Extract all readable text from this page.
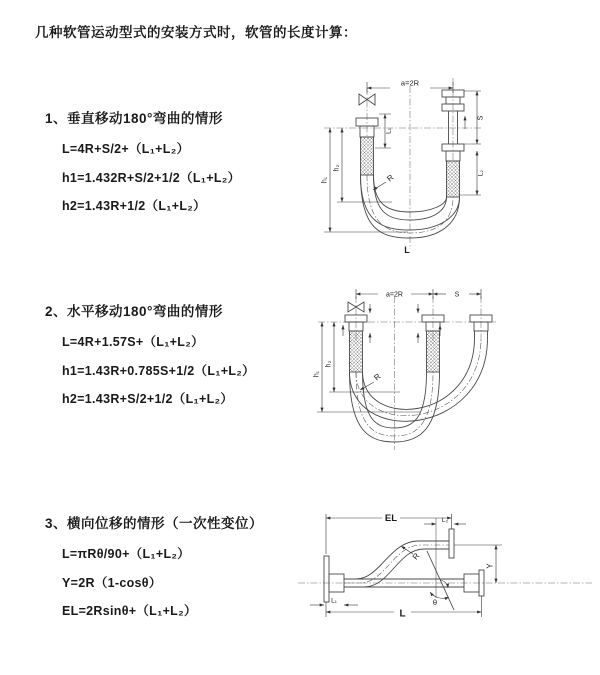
几种软管运动型式的安装方式时，软管的长度计算：
1、垂直移动180°弯曲的情形
L=4R+S/2+（L₁+L₂）
h1=1.432R+S/2+1/2（L₁+L₂）
h2=1.43R+1/2（L₁+L₂）
2、水平移动180°弯曲的情形
L=4R+1.57S+（L₁+L₂）
h1=1.43R+0.785S+1/2（L₁+L₂）
h2=1.43R+S/2+1/2（L₁+L₂）
3、横向位移的情形（一次性变位）
L=πRθ/90+（L₁+L₂）
Y=2R（1-cosθ）
EL=2Rsinθ+（L₁+L₂）
a=2R
L₁
h₁
h₂
S
L₂
R
L
a=2R	S
h₁
h₂
R
EL	L₂
Y
L
L₁
R
θ
